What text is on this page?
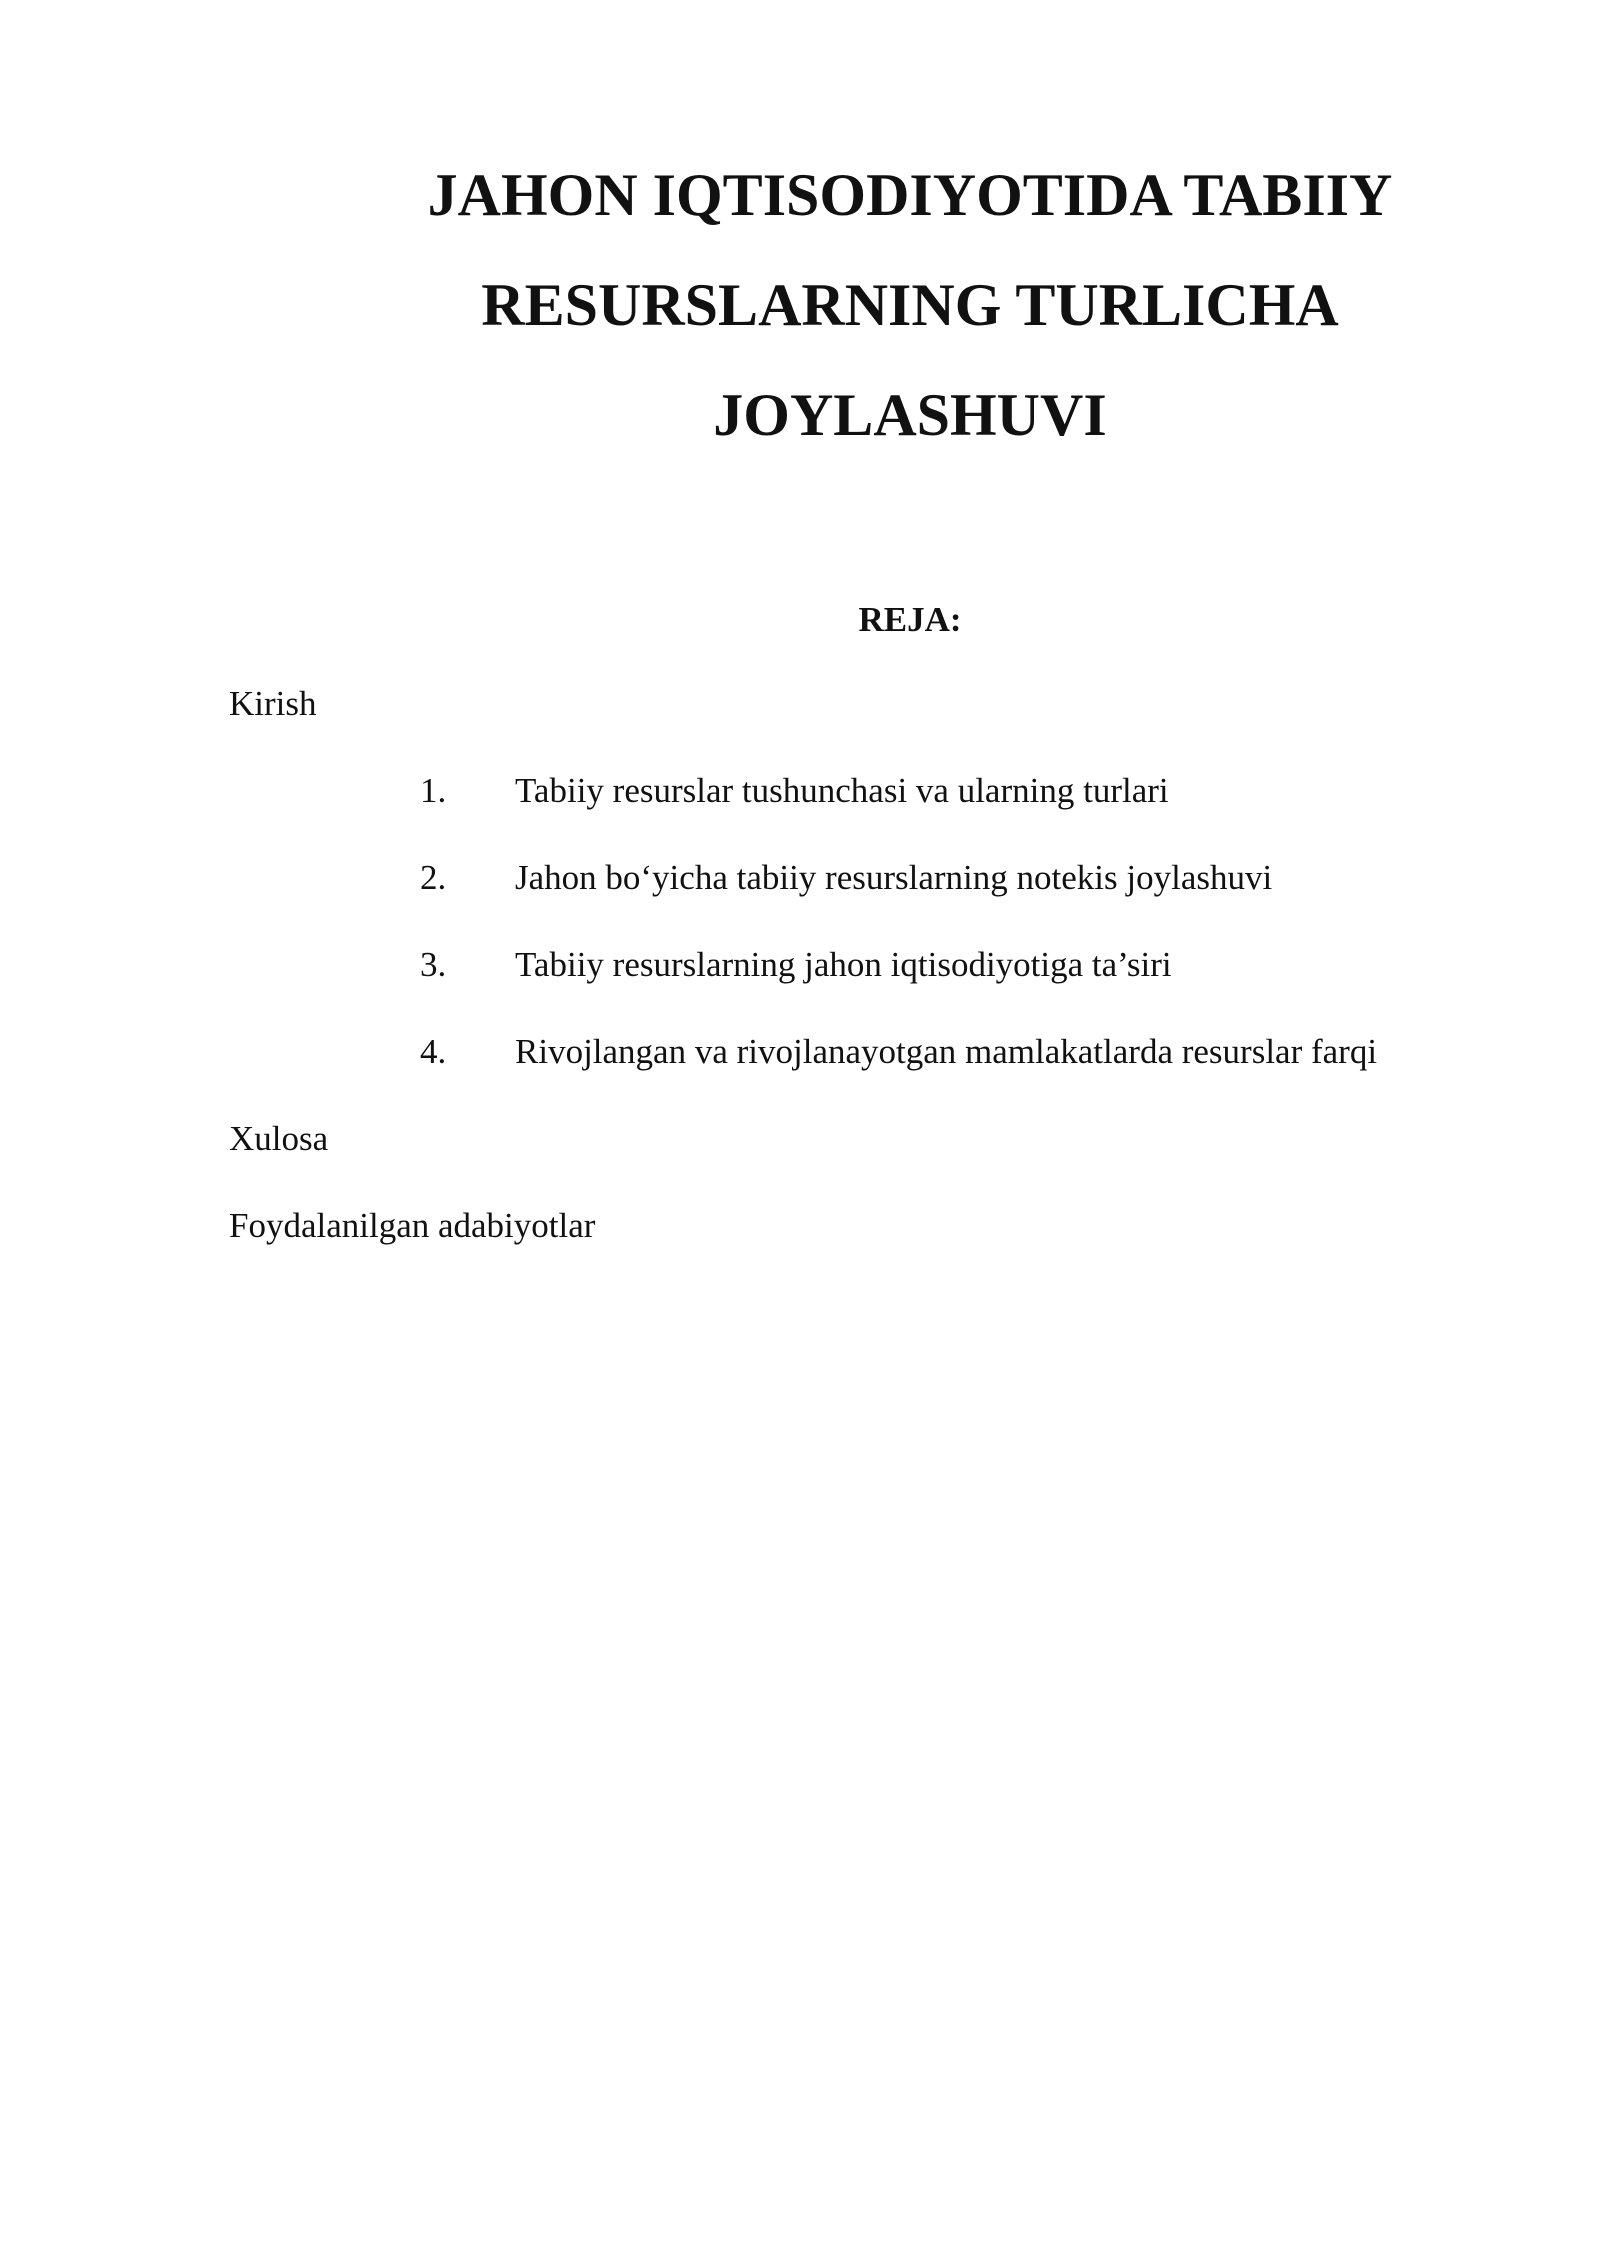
JAHON IQTISODIYOTIDA TABIIY
RESURSLARNING TURLICHA
JOYLASHUVI
REJA:
Kirish
1. Tabiiy resurslar tushunchasi va ularning turlari
2. Jahon bo‘yicha tabiiy resurslarning notekis joylashuvi
3. Tabiiy resurslarning jahon iqtisodiyotiga ta’siri
4. Rivojlangan va rivojlanayotgan mamlakatlarda resurslar farqi
Xulosa
Foydalanilgan adabiyotlar
